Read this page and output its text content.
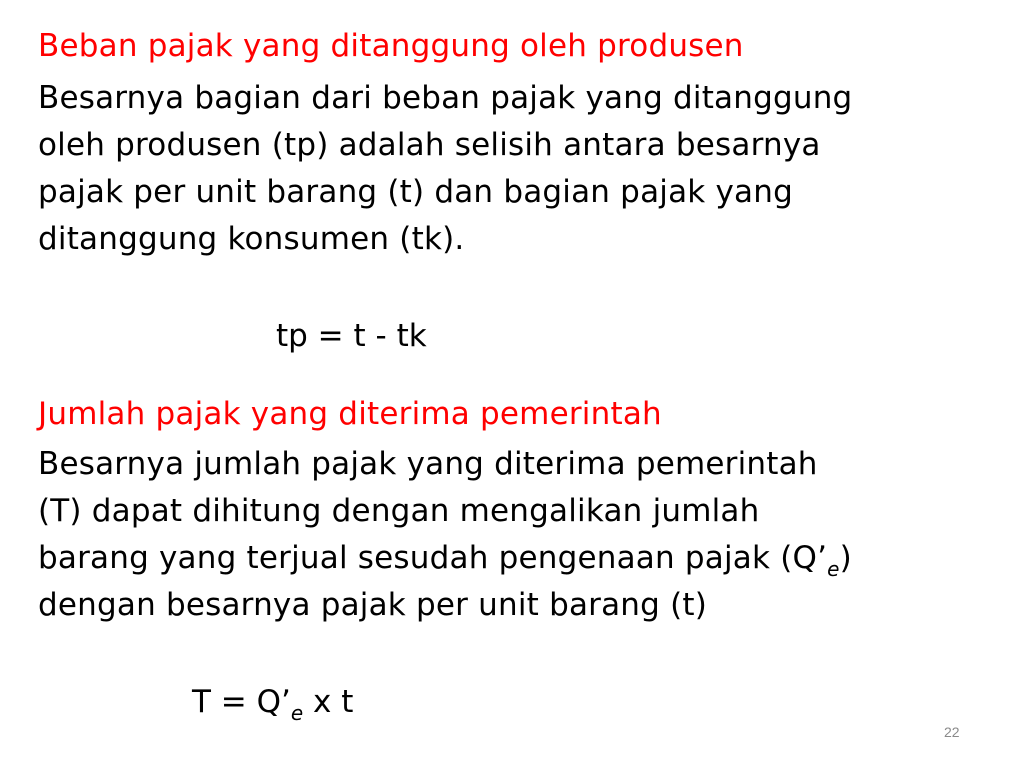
Beban pajak yang ditanggung oleh produsen
Besarnya bagian dari beban pajak yang ditanggung
oleh produsen (tp) adalah selisih antara besarnya
pajak per unit barang (t) dan bagian pajak yang
ditanggung konsumen (tk).
tp = t - tk
Jumlah pajak yang diterima pemerintah
Besarnya jumlah pajak yang diterima pemerintah
(T) dapat dihitung dengan mengalikan jumlah
barang yang terjual sesudah pengenaan pajak $(Q’_e)$
dengan besarnya pajak per unit barang (t)
$T = Q’_e$ x t
22
